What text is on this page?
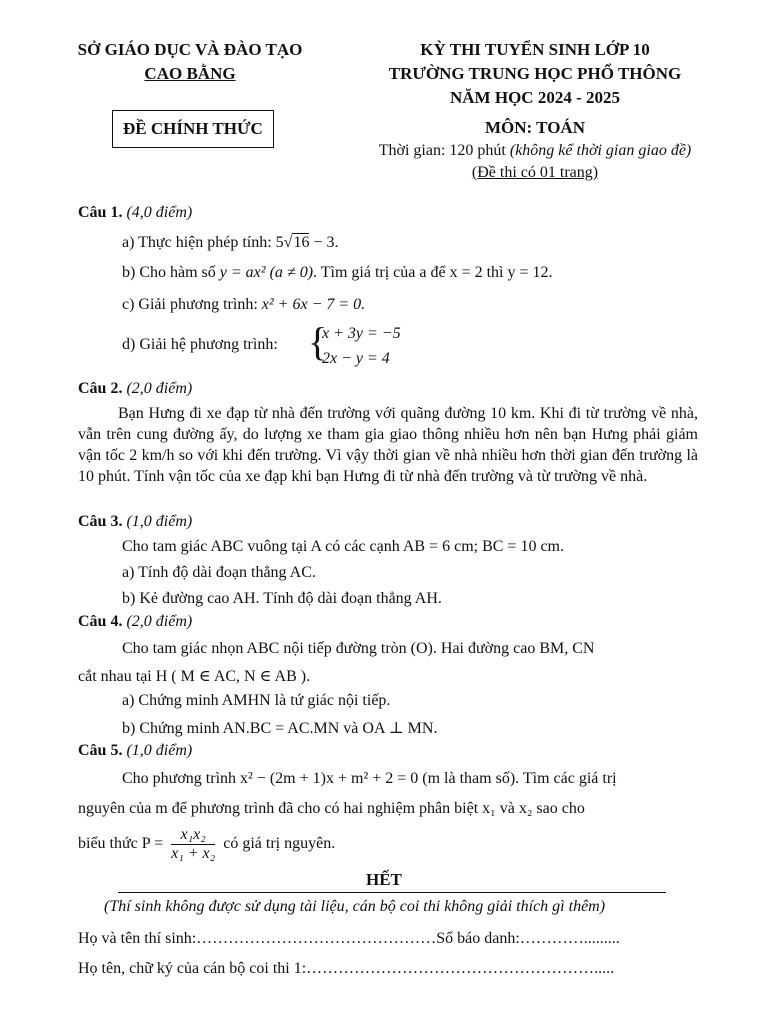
SỞ GIÁO DỤC VÀ ĐÀO TẠO
CAO BẰNG
KỲ THI TUYỂN SINH LỚP 10
TRƯỜNG TRUNG HỌC PHỔ THÔNG
NĂM HỌC 2024 - 2025
MÔN: TOÁN
Thời gian: 120 phút (không kể thời gian giao đề)
(Đề thi có 01 trang)
ĐỀ CHÍNH THỨC
Câu 1. (4,0 điểm)
a) Thực hiện phép tính: 5√16 − 3.
b) Cho hàm số y = ax² (a ≠ 0). Tìm giá trị của a để x = 2 thì y = 12.
c) Giải phương trình: x² + 6x − 7 = 0.
d) Giải hệ phương trình: {
x + 3y = −5
2x − y = 4
Câu 2. (2,0 điểm)
Bạn Hưng đi xe đạp từ nhà đến trường với quãng đường 10 km. Khi đi từ trường về nhà, vẫn trên cung đường ấy, do lượng xe tham gia giao thông nhiều hơn nên bạn Hưng phải giảm vận tốc 2 km/h so với khi đến trường. Vì vậy thời gian về nhà nhiều hơn thời gian đến trường là 10 phút. Tính vận tốc của xe đạp khi bạn Hưng đi từ nhà đến trường và từ trường về nhà.
Câu 3. (1,0 điểm)
Cho tam giác ABC vuông tại A có các cạnh AB = 6 cm; BC = 10 cm.
a) Tính độ dài đoạn thẳng AC.
b) Kẻ đường cao AH. Tính độ dài đoạn thẳng AH.
Câu 4. (2,0 điểm)
Cho tam giác nhọn ABC nội tiếp đường tròn (O). Hai đường cao BM, CN
cắt nhau tại H ( M ∈ AC, N ∈ AB ).
a) Chứng minh AMHN là tứ giác nội tiếp.
b) Chứng minh AN.BC = AC.MN và OA ⊥ MN.
Câu 5. (1,0 điểm)
Cho phương trình x² − (2m + 1)x + m² + 2 = 0 (m là tham số). Tìm các giá trị
nguyên của m để phương trình đã cho có hai nghiệm phân biệt x₁ và x₂ sao cho
biểu thức $P = \frac{\text{x₁x₂}}{\text{x₁ + x₂}}$ có giá trị nguyên.
HẾT
(Thí sinh không được sử dụng tài liệu, cán bộ coi thi không giải thích gì thêm)
Họ và tên thí sinh:………………………………………Số báo danh:………….........
Họ tên, chữ ký của cán bộ coi thi 1:……………………………………………….....
